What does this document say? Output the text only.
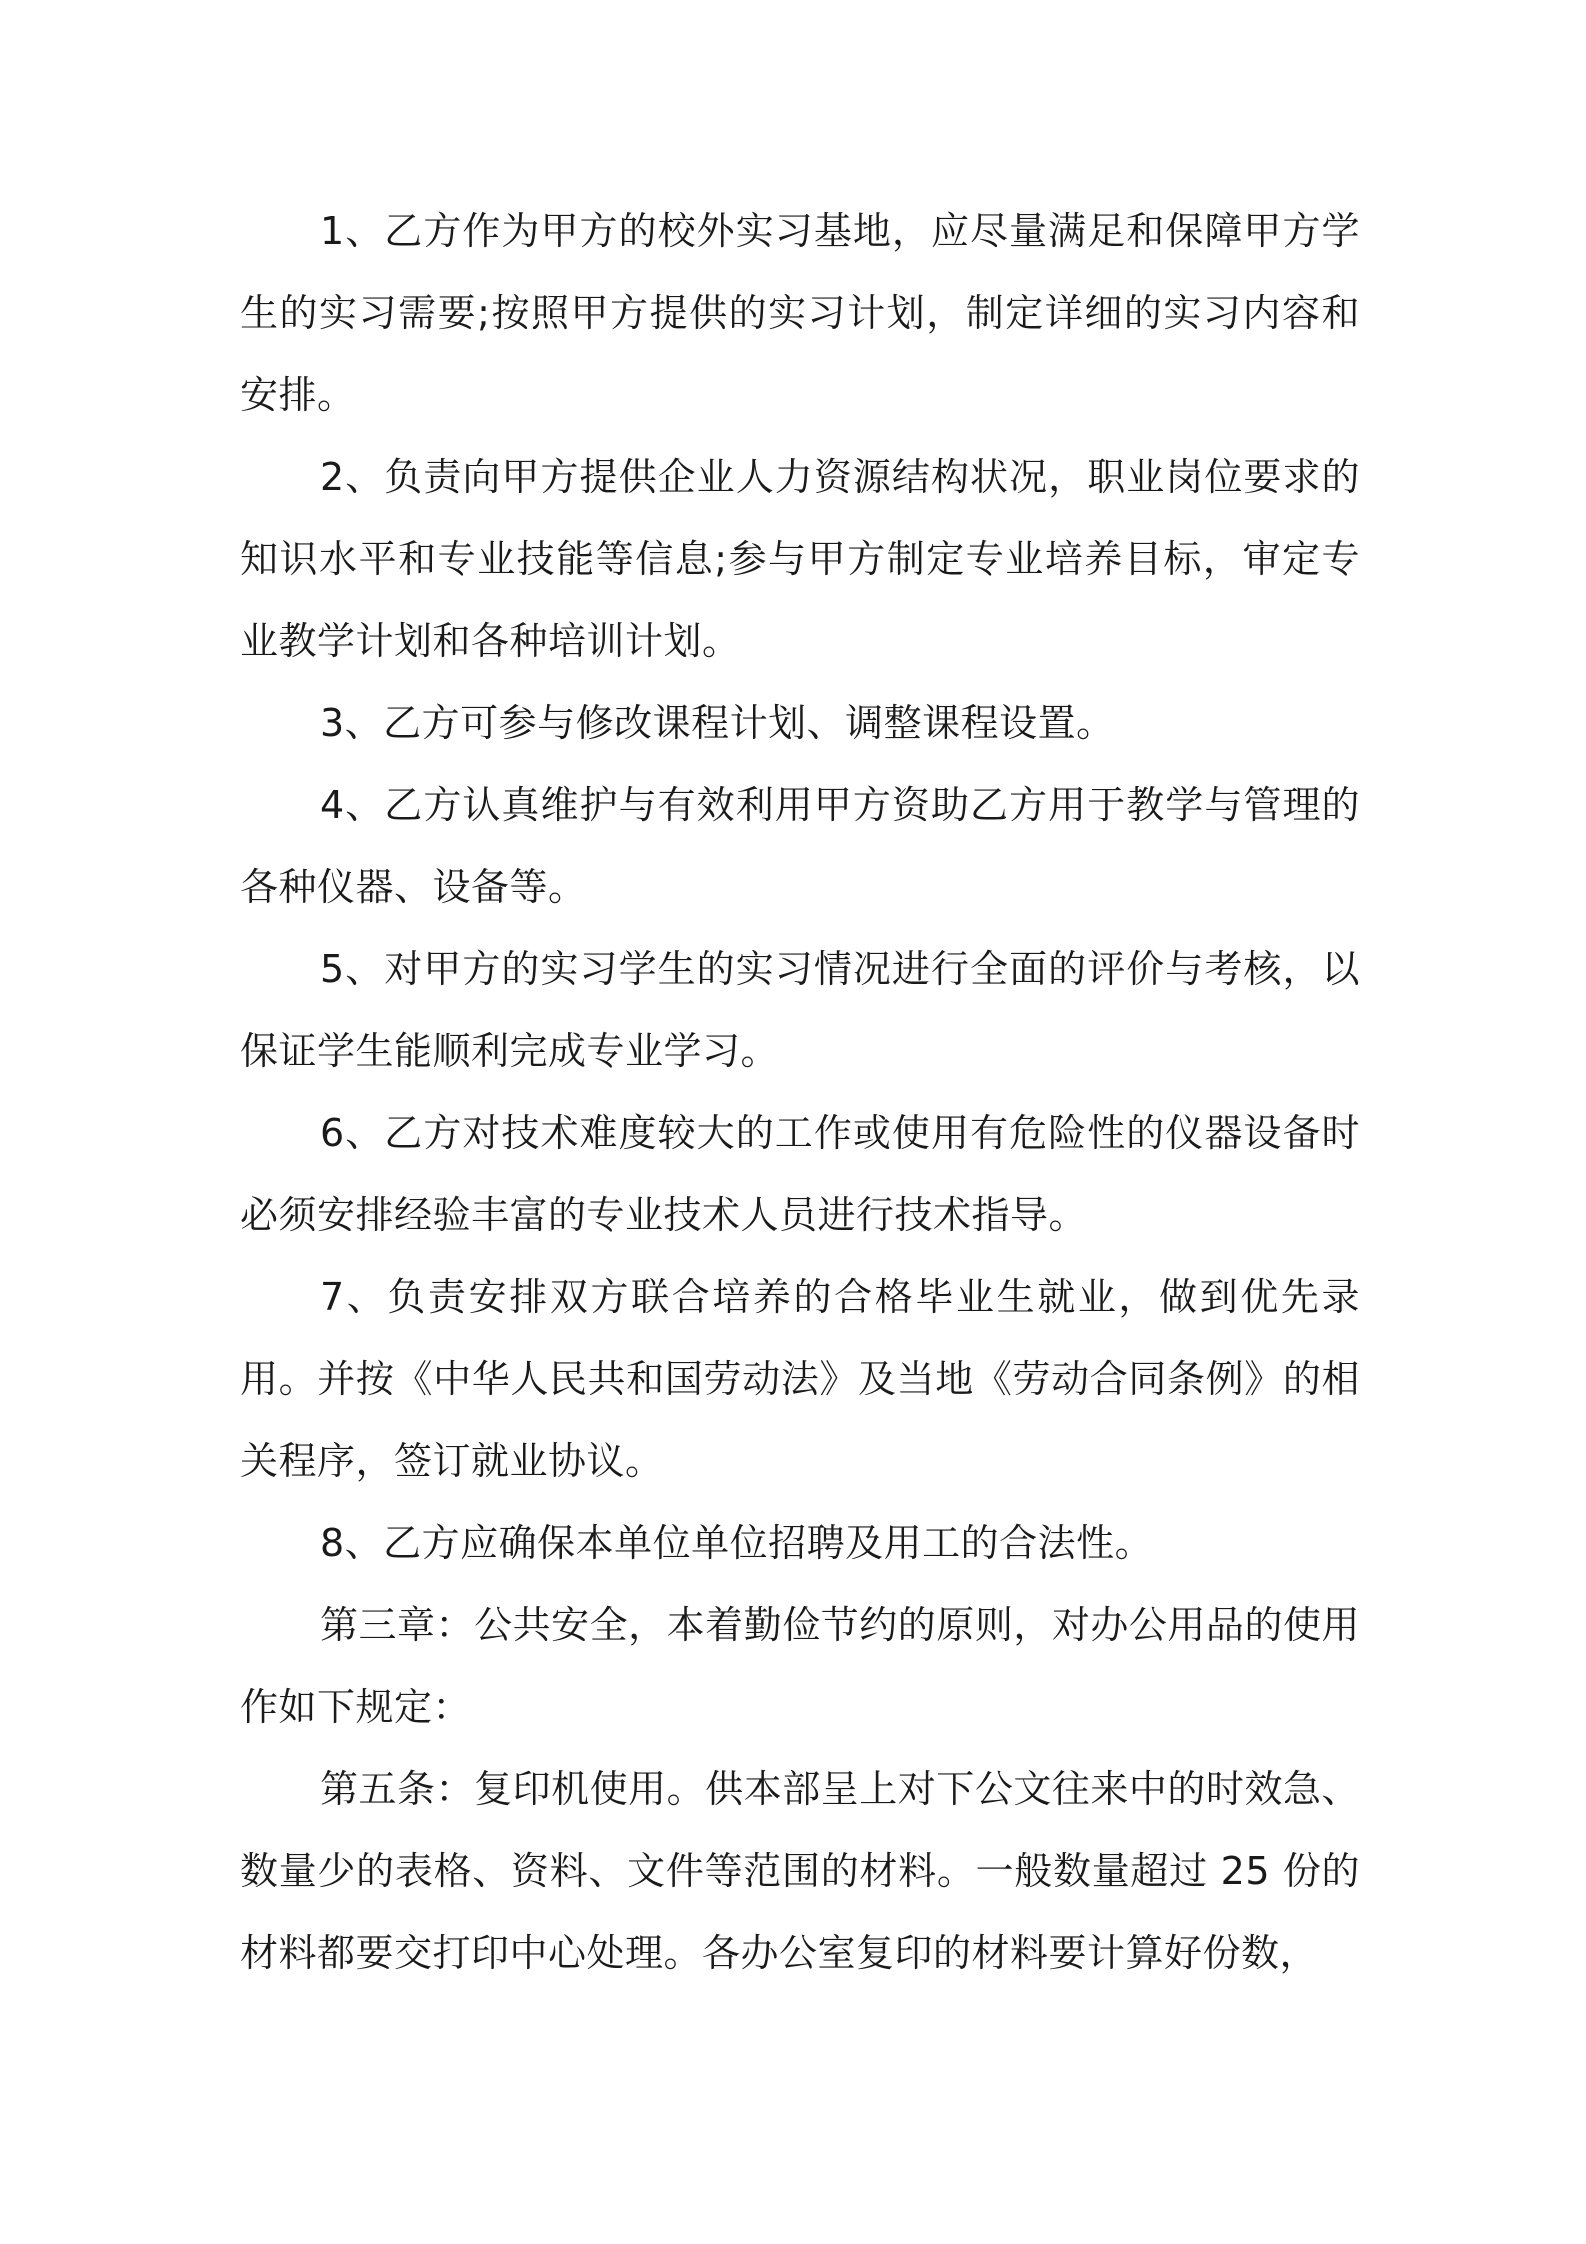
1、乙方作为甲方的校外实习基地，应尽量满足和保障甲方学生的实习需要;按照甲方提供的实习计划，制定详细的实习内容和安排。

2、负责向甲方提供企业人力资源结构状况，职业岗位要求的知识水平和专业技能等信息;参与甲方制定专业培养目标，审定专业教学计划和各种培训计划。

3、乙方可参与修改课程计划、调整课程设置。

4、乙方认真维护与有效利用甲方资助乙方用于教学与管理的各种仪器、设备等。

5、对甲方的实习学生的实习情况进行全面的评价与考核，以保证学生能顺利完成专业学习。

6、乙方对技术难度较大的工作或使用有危险性的仪器设备时必须安排经验丰富的专业技术人员进行技术指导。

7、负责安排双方联合培养的合格毕业生就业，做到优先录用。并按《中华人民共和国劳动法》及当地《劳动合同条例》的相关程序，签订就业协议。

8、乙方应确保本单位单位招聘及用工的合法性。

第三章：公共安全，本着勤俭节约的原则，对办公用品的使用作如下规定：

第五条：复印机使用。供本部呈上对下公文往来中的时效急、数量少的表格、资料、文件等范围的材料。一般数量超过 25 份的材料都要交打印中心处理。各办公室复印的材料要计算好份数，
